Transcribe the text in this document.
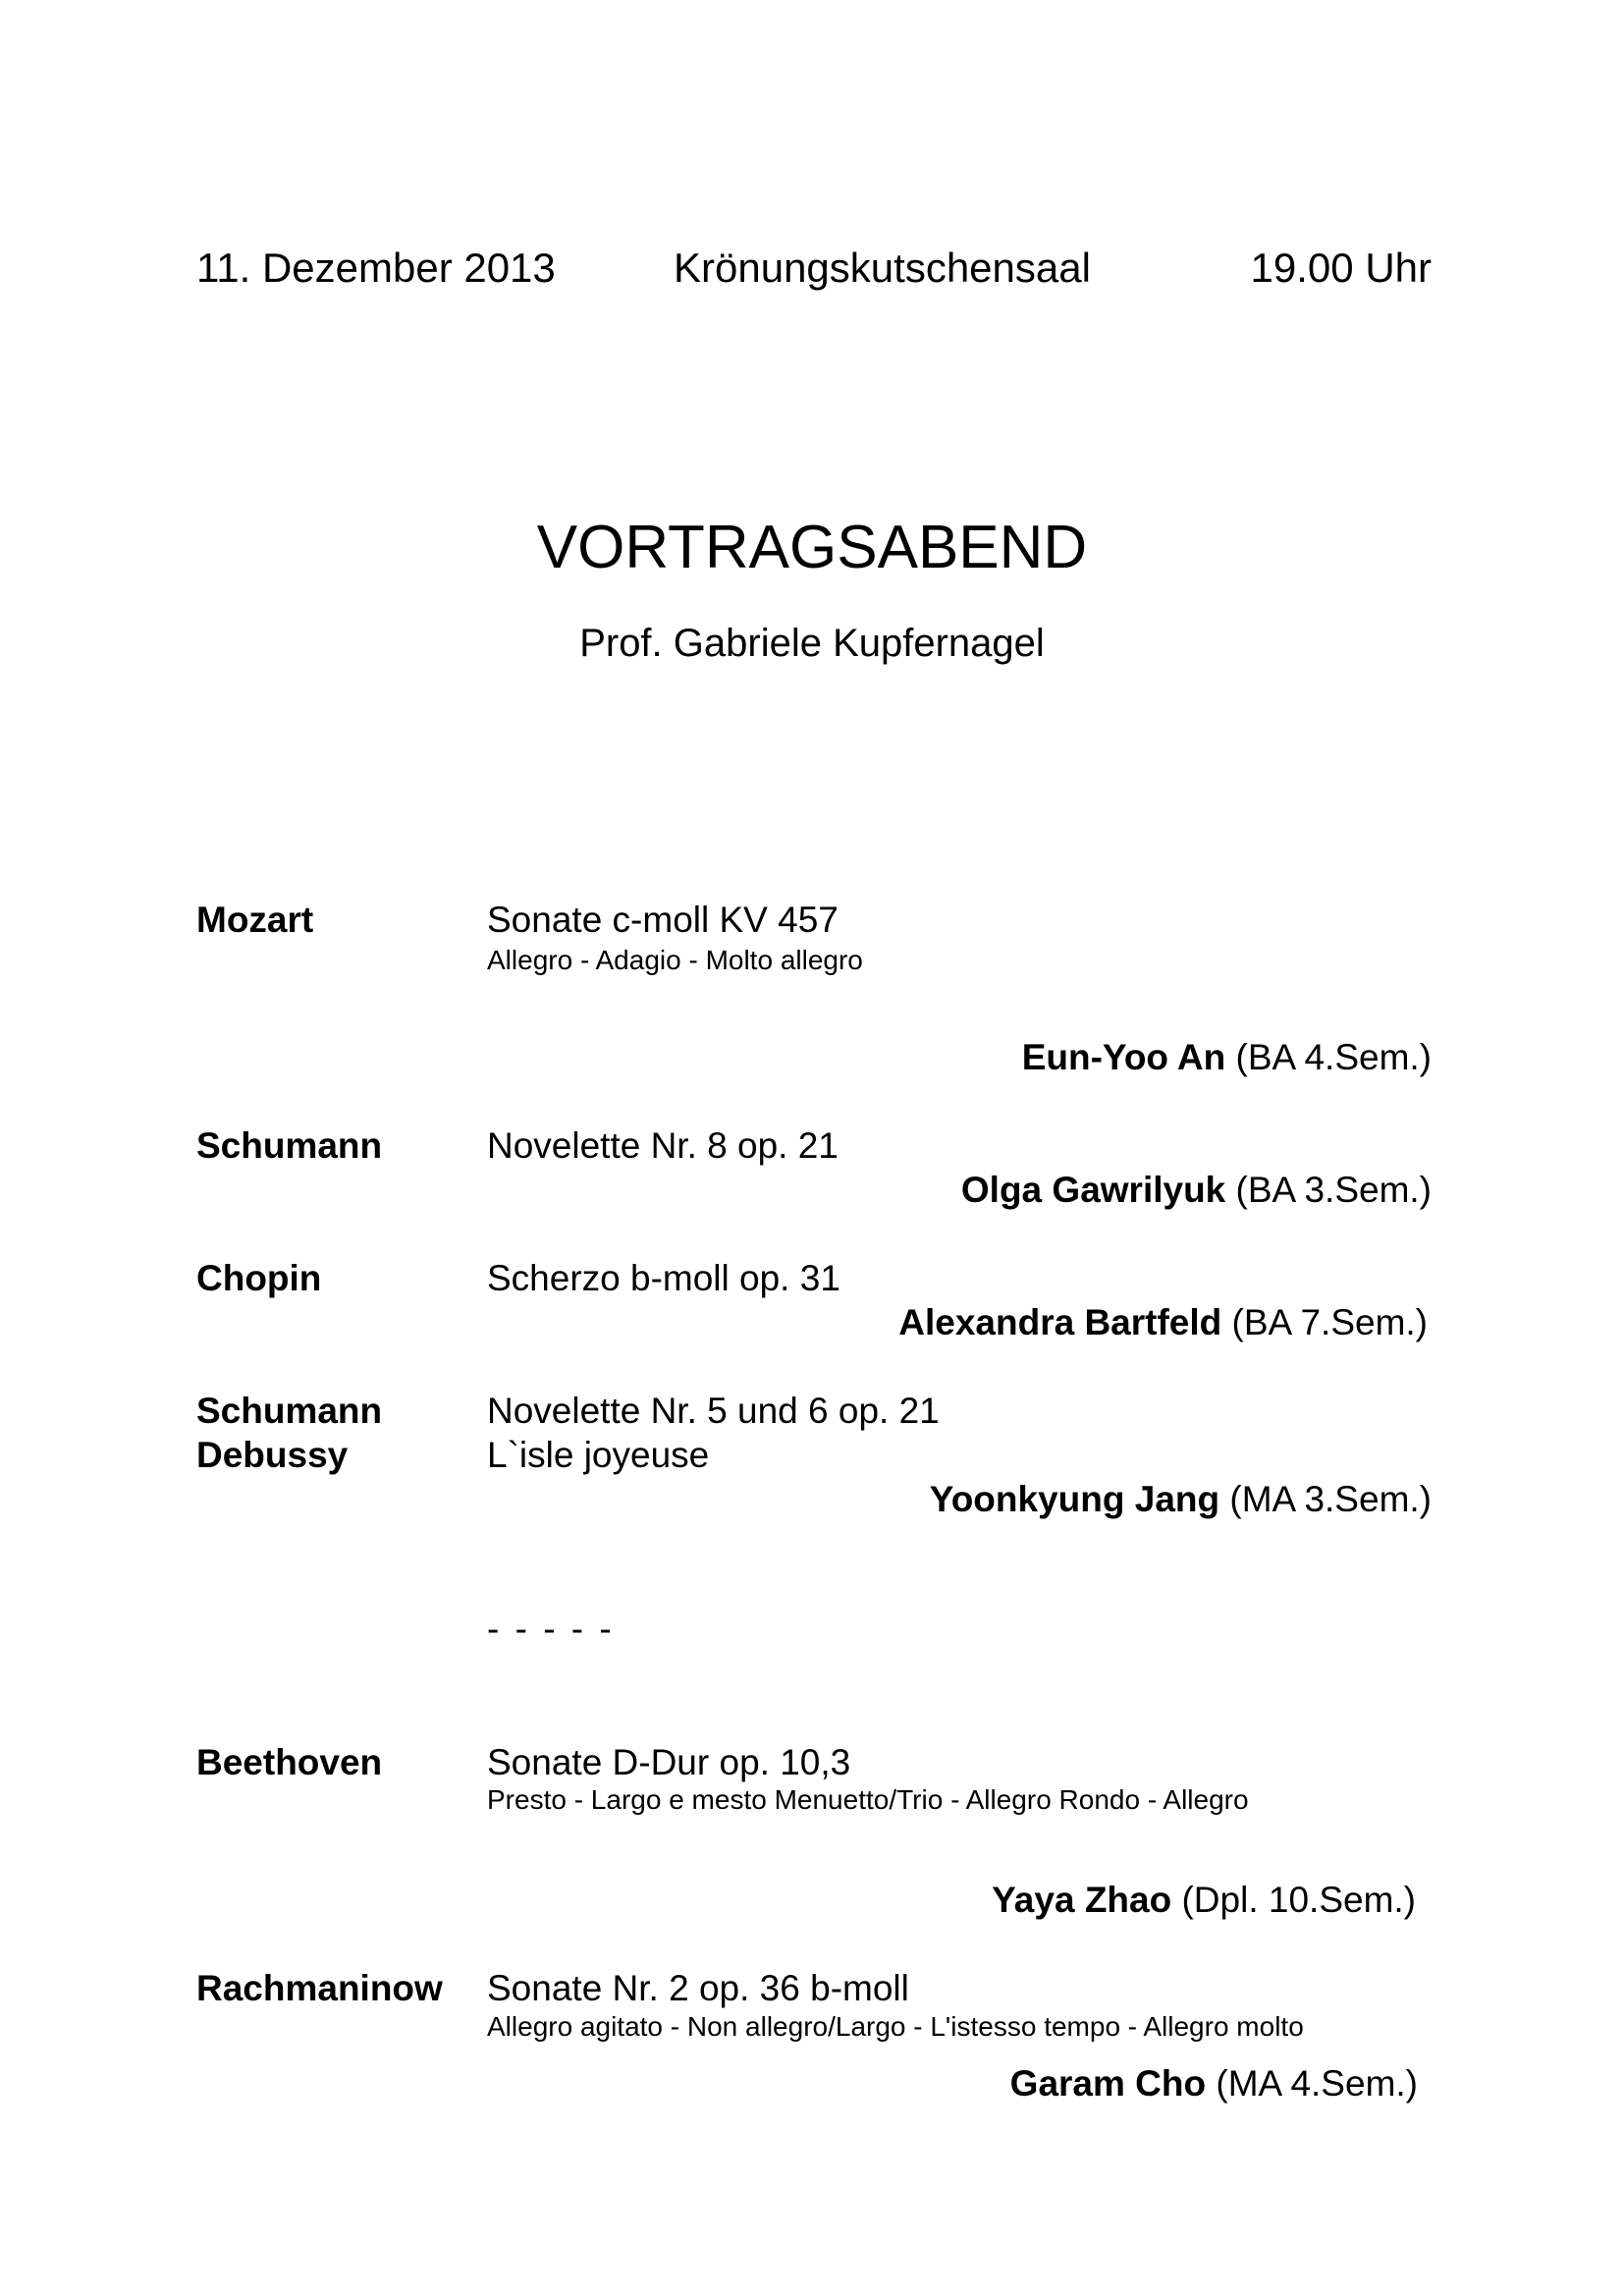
11. Dezember 2013	Krönungskutschensaal	19.00 Uhr
VORTRAGSABEND
Prof. Gabriele Kupfernagel
Mozart	Sonate c-moll KV 457
Allegro - Adagio - Molto allegro
Eun-Yoo An (BA 4.Sem.)
Schumann	Novelette Nr. 8 op. 21
Olga Gawrilyuk (BA 3.Sem.)
Chopin	Scherzo b-moll op. 31
Alexandra Bartfeld (BA 7.Sem.)
Schumann	Novelette Nr. 5 und 6 op. 21
Debussy	L`isle joyeuse
Yoonkyung Jang (MA 3.Sem.)
- - - - -
Beethoven	Sonate D-Dur op. 10,3
Presto - Largo e mesto Menuetto/Trio - Allegro Rondo - Allegro
Yaya Zhao (Dpl. 10.Sem.)
Rachmaninow Sonate Nr. 2 op. 36 b-moll
Allegro agitato - Non allegro/Largo - L'istesso tempo - Allegro molto
Garam Cho (MA 4.Sem.)
